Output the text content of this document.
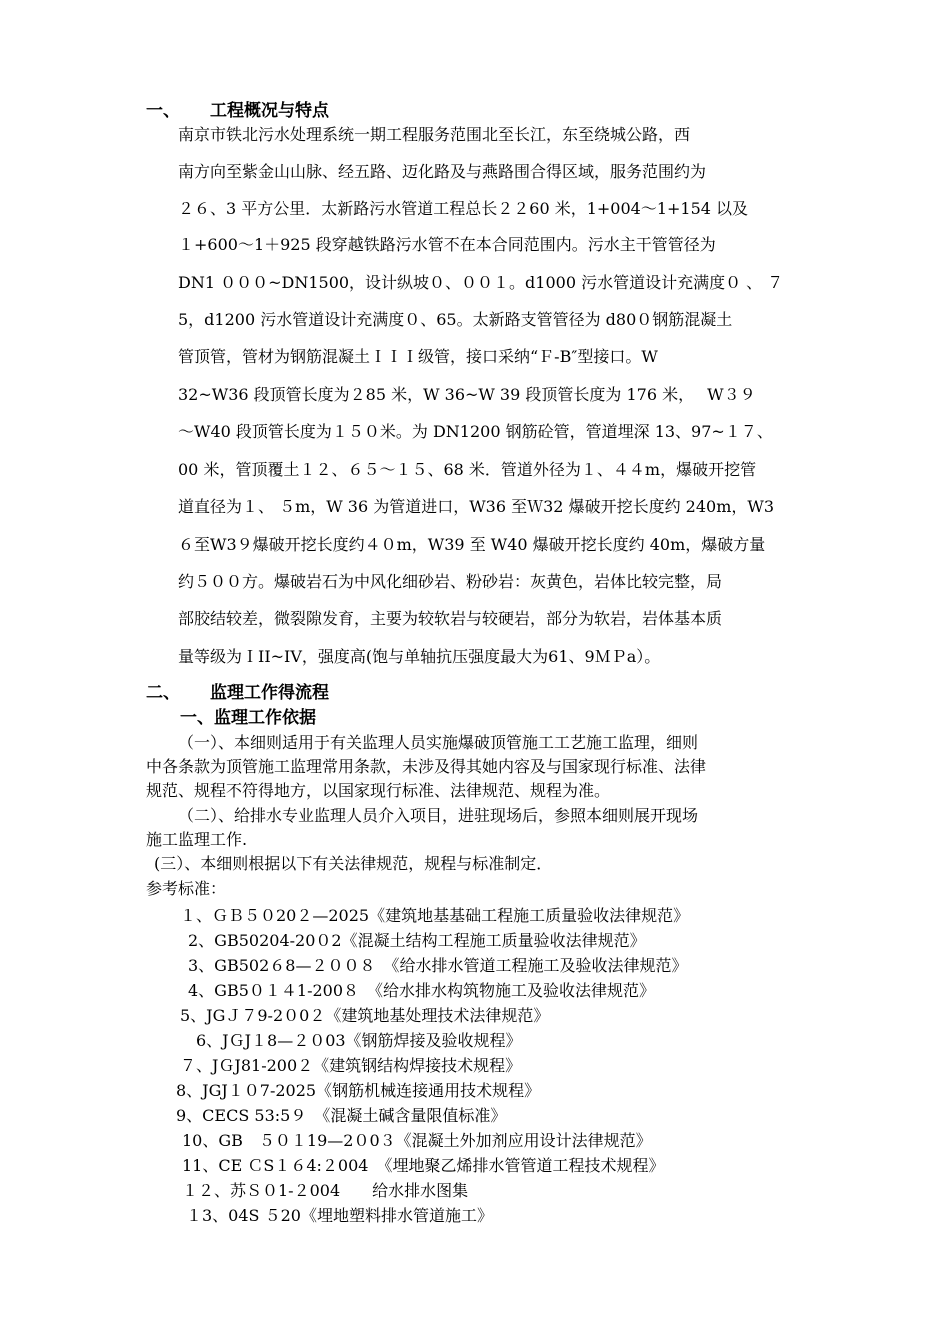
一、 工程概况与特点
南京市铁北污水处理系统一期工程服务范围北至长江，东至绕城公路，西
南方向至紫金山山脉、经五路、迈化路及与燕路围合得区域，服务范围约为
２６、3 平方公里．太新路污水管道工程总长２２60 米，1+004～1+154 以及
１+600～1＋925 段穿越铁路污水管不在本合同范围内。污水主干管管径为
DN1 ０００~DN1500，设计纵坡０、００１。d1000 污水管道设计充满度０ 、 ７
5，d1200 污水管道设计充满度０、65。太新路支管管径为 d80０钢筋混凝土
管顶管，管材为钢筋混凝土ＩＩＩ级管，接口采纳“Ｆ-B″型接口。W
32~W36 段顶管长度为２85 米，W 36~W 39 段顶管长度为 176 米，　 W３９
～W40 段顶管长度为１５０米。为 DN1200 钢筋砼管，管道埋深 13、97~１７、
00 米，管顶覆土１２、６５～１５、68 米．管道外径为１、４４m，爆破开挖管
道直径为１、 ５m，W 36 为管道进口，W36 至Ｗ32 爆破开挖长度约 240m，W3
６至W3９爆破开挖长度约４０m，W39 至 W40 爆破开挖长度约 40m，爆破方量
约５００方。爆破岩石为中风化细砂岩、粉砂岩：灰黄色，岩体比较完整，局
部胶结较差，微裂隙发育，主要为较软岩与较硬岩，部分为软岩，岩体基本质
量等级为ＩII~IV，强度高(饱与单轴抗压强度最大为61、9ＭＰa）。
二、 监理工作得流程
一、监理工作依据
（一）、本细则适用于有关监理人员实施爆破顶管施工工艺施工监理，细则
中各条款为顶管施工监理常用条款，未涉及得其她内容及与国家现行标准、法律
规范、规程不符得地方，以国家现行标准、法律规范、规程为准。
（二）、给排水专业监理人员介入项目，进驻现场后，参照本细则展开现场
施工监理工作.
(三）、本细则根据以下有关法律规范，规程与标准制定．
参考标准：
１、ＧＢ５０20２—2025《建筑地基基础工程施工质量验收法律规范》
2、GB50204-20０2《混凝土结构工程施工质量验收法律规范》
3、GB502６8—２００８　《给水排水管道工程施工及验收法律规范》
4、GB5０１４1-200８　《给水排水构筑物施工及验收法律规范》
5、JGＪ７9-2０0２《建筑地基处理技术法律规范》
6、JＧJ１8—２０03《钢筋焊接及验收规程》
７、JＧJ81-200２《建筑钢结构焊接技术规程》
8、JGJ１０7-2025《钢筋机械连接通用技术规程》
9、CECS 53:5９　《混凝土碱含量限值标准》
10、GB　５０１19—2０0３《混凝土外加剂应用设计法律规范》
11、CE ＣS１６4:２004　《埋地聚乙烯排水管管道工程技术规程》
１２、苏Ｓ０1-２004　　给水排水图集
１3、04S ５20《埋地塑料排水管道施工》
